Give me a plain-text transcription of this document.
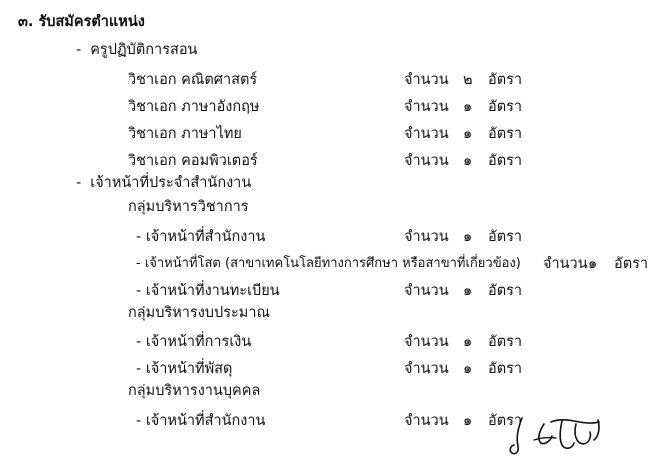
๓. รับสมัครตำแหน่ง
- ครูปฏิบัติการสอน
วิชาเอก คณิตศาสตร์	จำนวน ๒ อัตรา
วิชาเอก ภาษาอังกฤษ	จำนวน ๑ อัตรา
วิชาเอก ภาษาไทย	จำนวน ๑ อัตรา
วิชาเอก คอมพิวเตอร์	จำนวน ๑ อัตรา
- เจ้าหน้าที่ประจำสำนักงาน
กลุ่มบริหารวิชาการ
- เจ้าหน้าที่สำนักงาน	จำนวน ๑ อัตรา
- เจ้าหน้าที่โสต (สาขาเทคโนโลยีทางการศึกษา หรือสาขาที่เกี่ยวข้อง) จำนวน ๑ อัตรา
- เจ้าหน้าที่งานทะเบียน	จำนวน ๑ อัตรา
กลุ่มบริหารงบประมาณ
- เจ้าหน้าที่การเงิน	จำนวน ๑ อัตรา
- เจ้าหน้าที่พัสดุ	จำนวน ๑ อัตรา
กลุ่มบริหารงานบุคคล
- เจ้าหน้าที่สำนักงาน	จำนวน ๑ อัตรา
